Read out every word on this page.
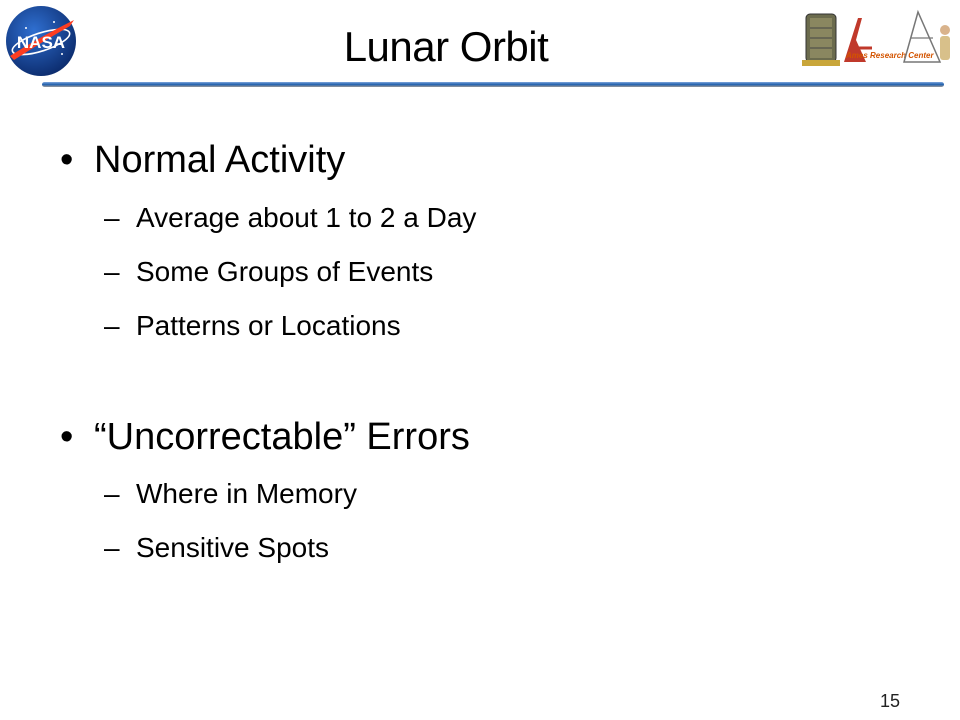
NASA	Lunar Orbit	Ames Research Center
• Normal Activity
– Average about 1 to 2 a Day
– Some Groups of Events
– Patterns or Locations
• “Uncorrectable” Errors
– Where in Memory
– Sensitive Spots
15
